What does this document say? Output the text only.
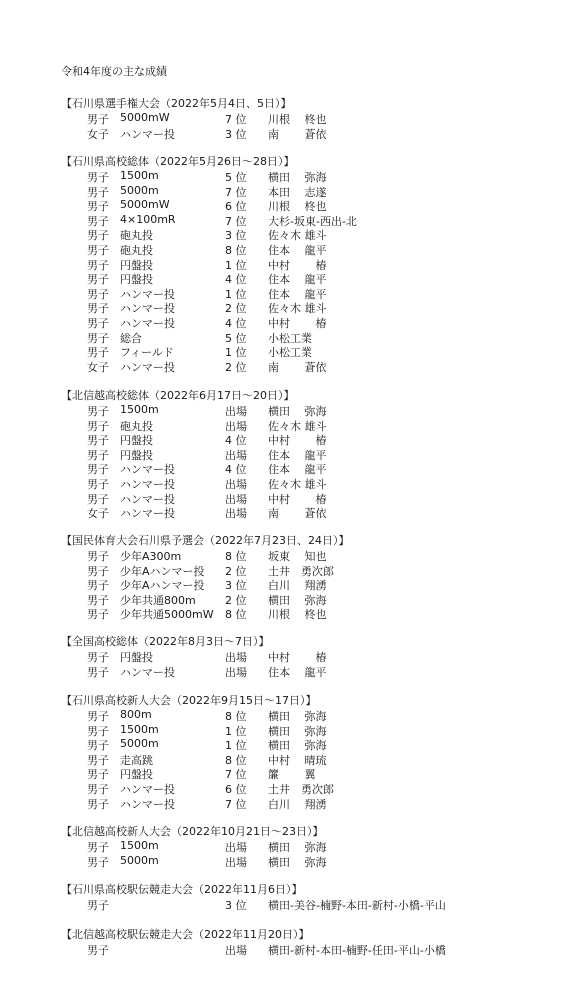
令和4年度の主な成績
【石川県選手権大会（2022年5月4日、5日）】
男子 5000mW	7 位 川根　 柊也
女子 ハンマー投	3 位 南　　 蒼依
【石川県高校総体（2022年5月26日～28日）】
男子 1500m	5 位 横田　 弥海
男子 5000m	7 位 本田　 志遂
男子 5000mW	6 位 川根　 柊也
男子 4×100mR	7 位 大杉-坂東-西出-北
男子 砲丸投	3 位 佐々木 雄斗
男子 砲丸投	8 位 住本　 龍平
男子 円盤投	1 位 中村　　 椿
男子 円盤投	4 位 住本　 龍平
男子 ハンマー投	1 位 住本　 龍平
男子 ハンマー投	2 位 佐々木 雄斗
男子 ハンマー投	4 位 中村　　 椿
男子 総合	5 位 小松工業
男子 フィールド	1 位 小松工業
女子 ハンマー投	2 位 南　　 蒼依
【北信越高校総体（2022年6月17日～20日）】
男子 1500m	出場 横田　 弥海
男子 砲丸投	出場 佐々木 雄斗
男子 円盤投	4 位 中村　　 椿
男子 円盤投	出場 住本　 龍平
男子 ハンマー投	4 位 住本　 龍平
男子 ハンマー投	出場 佐々木 雄斗
男子 ハンマー投	出場 中村　　 椿
女子 ハンマー投	出場 南　　 蒼依
【国民体育大会石川県予選会（2022年7月23日、24日）】
男子 少年A300m	8 位 坂東　 知也
男子 少年Aハンマー投 2 位 土井　勇次郎
男子 少年Aハンマー投 3 位 白川　 翔湧
男子 少年共通800m	2 位 横田　 弥海
男子 少年共通5000mW 8 位 川根　 柊也
【全国高校総体（2022年8月3日～7日）】
男子 円盤投	出場 中村　　 椿
男子 ハンマー投	出場 住本　 龍平
【石川県高校新人大会（2022年9月15日～17日）】
男子 800m	8 位 横田　 弥海
男子 1500m	1 位 横田　 弥海
男子 5000m	1 位 横田　 弥海
男子 走高跳	8 位 中村　 晴琉
男子 円盤投	7 位 簾　　 翼
男子 ハンマー投	6 位 土井　勇次郎
男子 ハンマー投	7 位 白川　 翔湧
【北信越高校新人大会（2022年10月21日～23日）】
男子 1500m	出場 横田　 弥海
男子 5000m	出場 横田　 弥海
【石川県高校駅伝競走大会（2022年11月6日）】
男子	3 位 横田-美谷-楠野-本田-新村-小橋-平山
【北信越高校駅伝競走大会（2022年11月20日）】
男子	出場 横田-新村-本田-楠野-任田-平山-小橋
